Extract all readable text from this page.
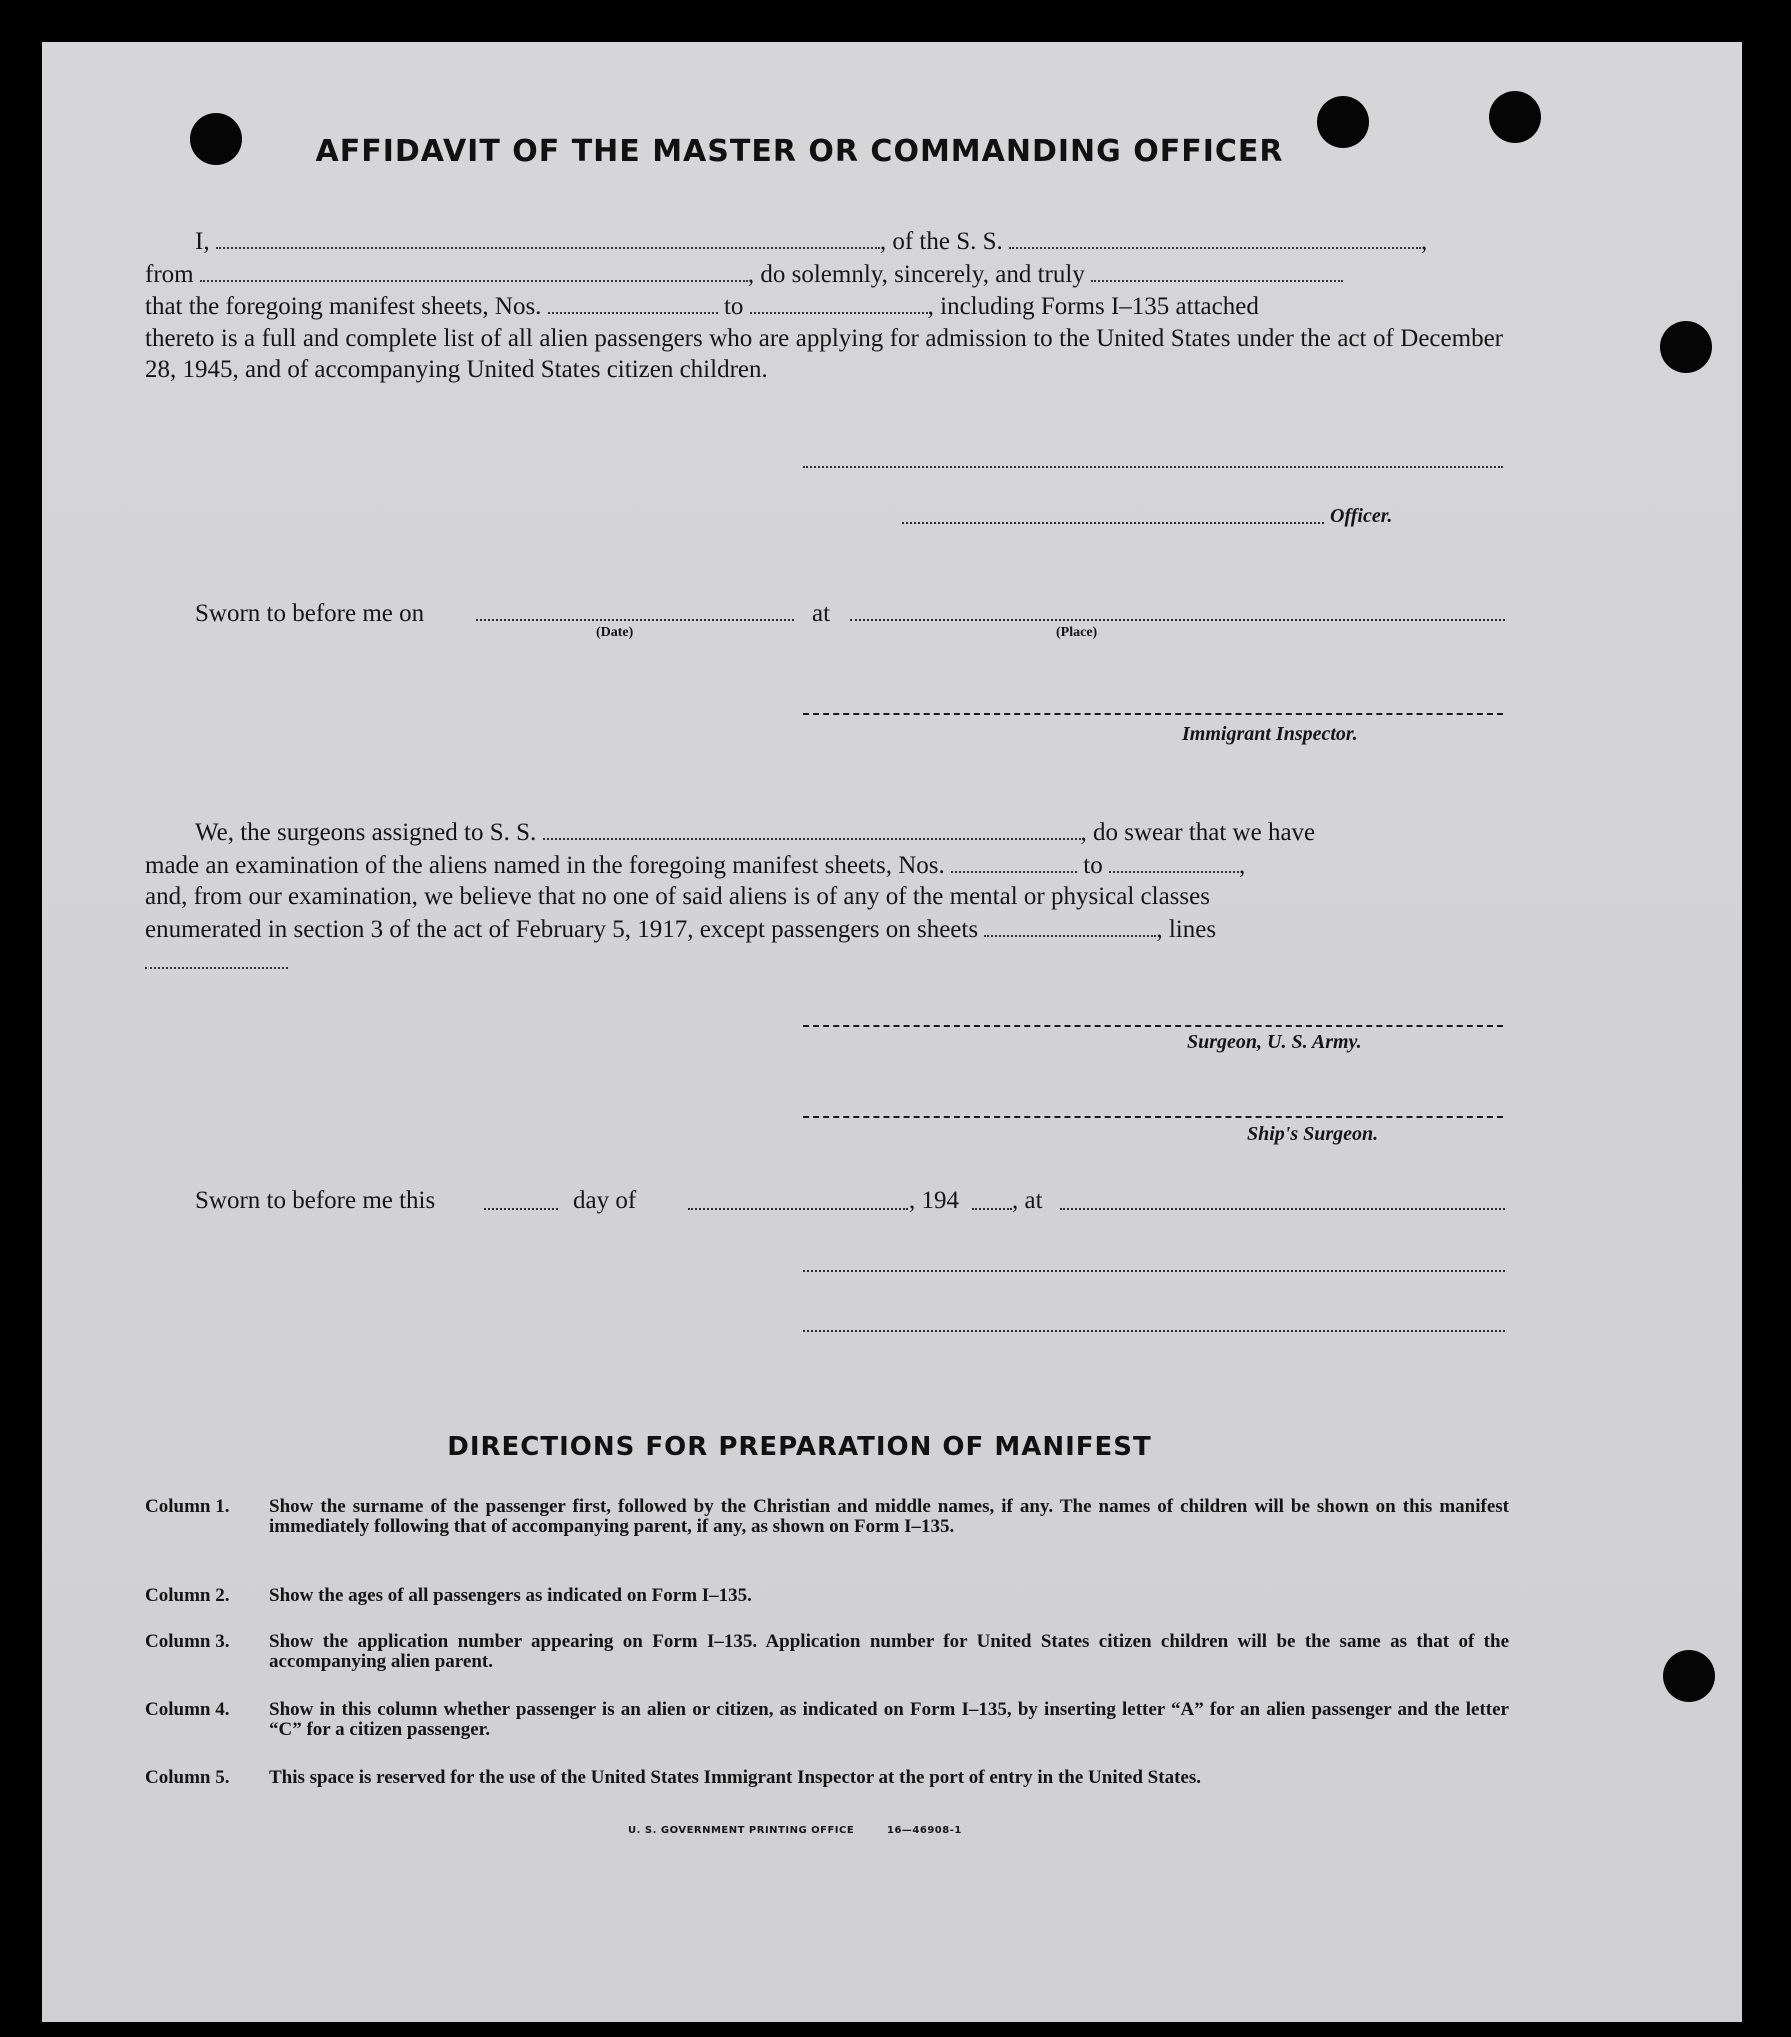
AFFIDAVIT OF THE MASTER OR COMMANDING OFFICER
I,	, of the S. S.	,
from	, do solemnly, sincerely, and truly
that the foregoing manifest sheets, Nos.	to	, including Forms I–135 attached
thereto is a full and complete list of all alien passengers who are applying for admission to the United States under the act of December 28, 1945, and of accompanying United States citizen children.
Officer.
Sworn to before me on	at
(Date)	(Place)
Immigrant Inspector.
We, the surgeons assigned to S. S.	, do swear that we have
made an examination of the aliens named in the foregoing manifest sheets, Nos.	to	,
and, from our examination, we believe that no one of said aliens is of any of the mental or physical classes
enumerated in section 3 of the act of February 5, 1917, except passengers on sheets	, lines
Surgeon, U. S. Army.
Ship's Surgeon.
Sworn to before me this	day of	, 194 , at
DIRECTIONS FOR PREPARATION OF MANIFEST
Column 1.	Show the surname of the passenger first, followed by the Christian and middle names, if any. The names of children will be shown on this manifest immediately following that of accompanying parent, if any, as shown on Form I–135.
Column 2.	Show the ages of all passengers as indicated on Form I–135.
Column 3.	Show the application number appearing on Form I–135. Application number for United States citizen children will be the same as that of the accompanying alien parent.
Column 4.	Show in this column whether passenger is an alien or citizen, as indicated on Form I–135, by inserting letter “A” for an alien passenger and the letter “C” for a citizen passenger.
Column 5.	This space is reserved for the use of the United States Immigrant Inspector at the port of entry in the United States.
U. S. GOVERNMENT PRINTING OFFICE	16—46908-1
